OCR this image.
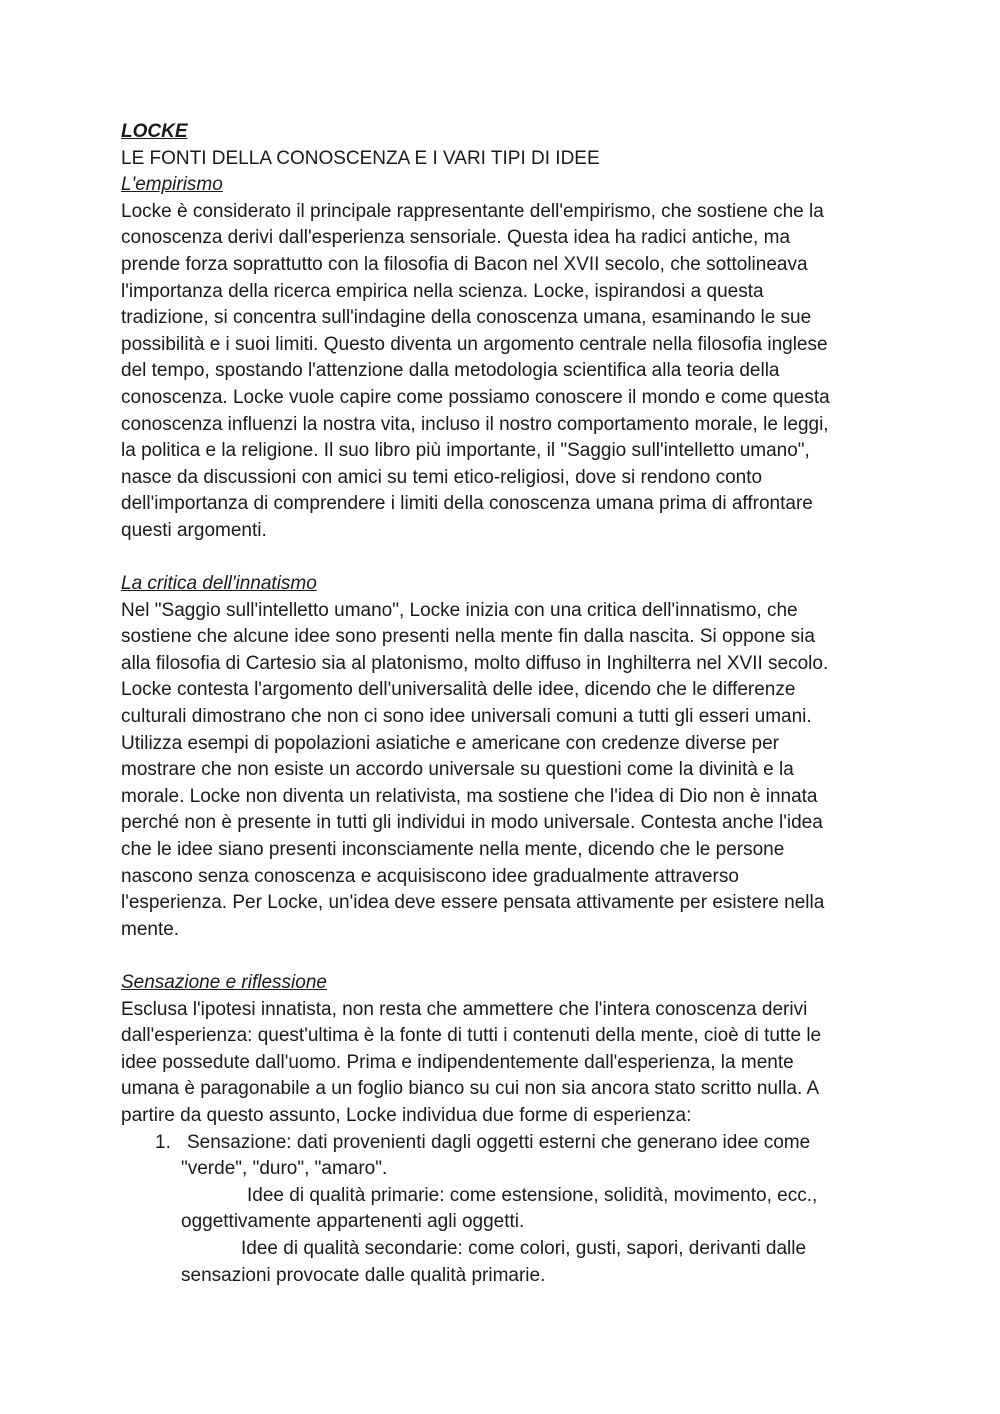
LOCKE
LE FONTI DELLA CONOSCENZA E I VARI TIPI DI IDEE
L'empirismo
Locke è considerato il principale rappresentante dell'empirismo, che sostiene che la
conoscenza derivi dall'esperienza sensoriale. Questa idea ha radici antiche, ma
prende forza soprattutto con la filosofia di Bacon nel XVII secolo, che sottolineava
l'importanza della ricerca empirica nella scienza. Locke, ispirandosi a questa
tradizione, si concentra sull'indagine della conoscenza umana, esaminando le sue
possibilità e i suoi limiti. Questo diventa un argomento centrale nella filosofia inglese
del tempo, spostando l'attenzione dalla metodologia scientifica alla teoria della
conoscenza. Locke vuole capire come possiamo conoscere il mondo e come questa
conoscenza influenzi la nostra vita, incluso il nostro comportamento morale, le leggi,
la politica e la religione. Il suo libro più importante, il "Saggio sull'intelletto umano",
nasce da discussioni con amici su temi etico-religiosi, dove si rendono conto
dell'importanza di comprendere i limiti della conoscenza umana prima di affrontare
questi argomenti.
La critica dell'innatismo
Nel "Saggio sull'intelletto umano", Locke inizia con una critica dell'innatismo, che
sostiene che alcune idee sono presenti nella mente fin dalla nascita. Si oppone sia
alla filosofia di Cartesio sia al platonismo, molto diffuso in Inghilterra nel XVII secolo.
Locke contesta l'argomento dell'universalità delle idee, dicendo che le differenze
culturali dimostrano che non ci sono idee universali comuni a tutti gli esseri umani.
Utilizza esempi di popolazioni asiatiche e americane con credenze diverse per
mostrare che non esiste un accordo universale su questioni come la divinità e la
morale. Locke non diventa un relativista, ma sostiene che l'idea di Dio non è innata
perché non è presente in tutti gli individui in modo universale. Contesta anche l'idea
che le idee siano presenti inconsciamente nella mente, dicendo che le persone
nascono senza conoscenza e acquisiscono idee gradualmente attraverso
l'esperienza. Per Locke, un'idea deve essere pensata attivamente per esistere nella
mente.
Sensazione e riflessione
Esclusa l'ipotesi innatista, non resta che ammettere che l'intera conoscenza derivi
dall'esperienza: quest'ultima è la fonte di tutti i contenuti della mente, cioè di tutte le
idee possedute dall'uomo. Prima e indipendentemente dall'esperienza, la mente
umana è paragonabile a un foglio bianco su cui non sia ancora stato scritto nulla. A
partire da questo assunto, Locke individua due forme di esperienza:
1. Sensazione: dati provenienti dagli oggetti esterni che generano idee come
"verde", "duro", "amaro".
Idee di qualità primarie: come estensione, solidità, movimento, ecc.,
oggettivamente appartenenti agli oggetti.
Idee di qualità secondarie: come colori, gusti, sapori, derivanti dalle
sensazioni provocate dalle qualità primarie.
